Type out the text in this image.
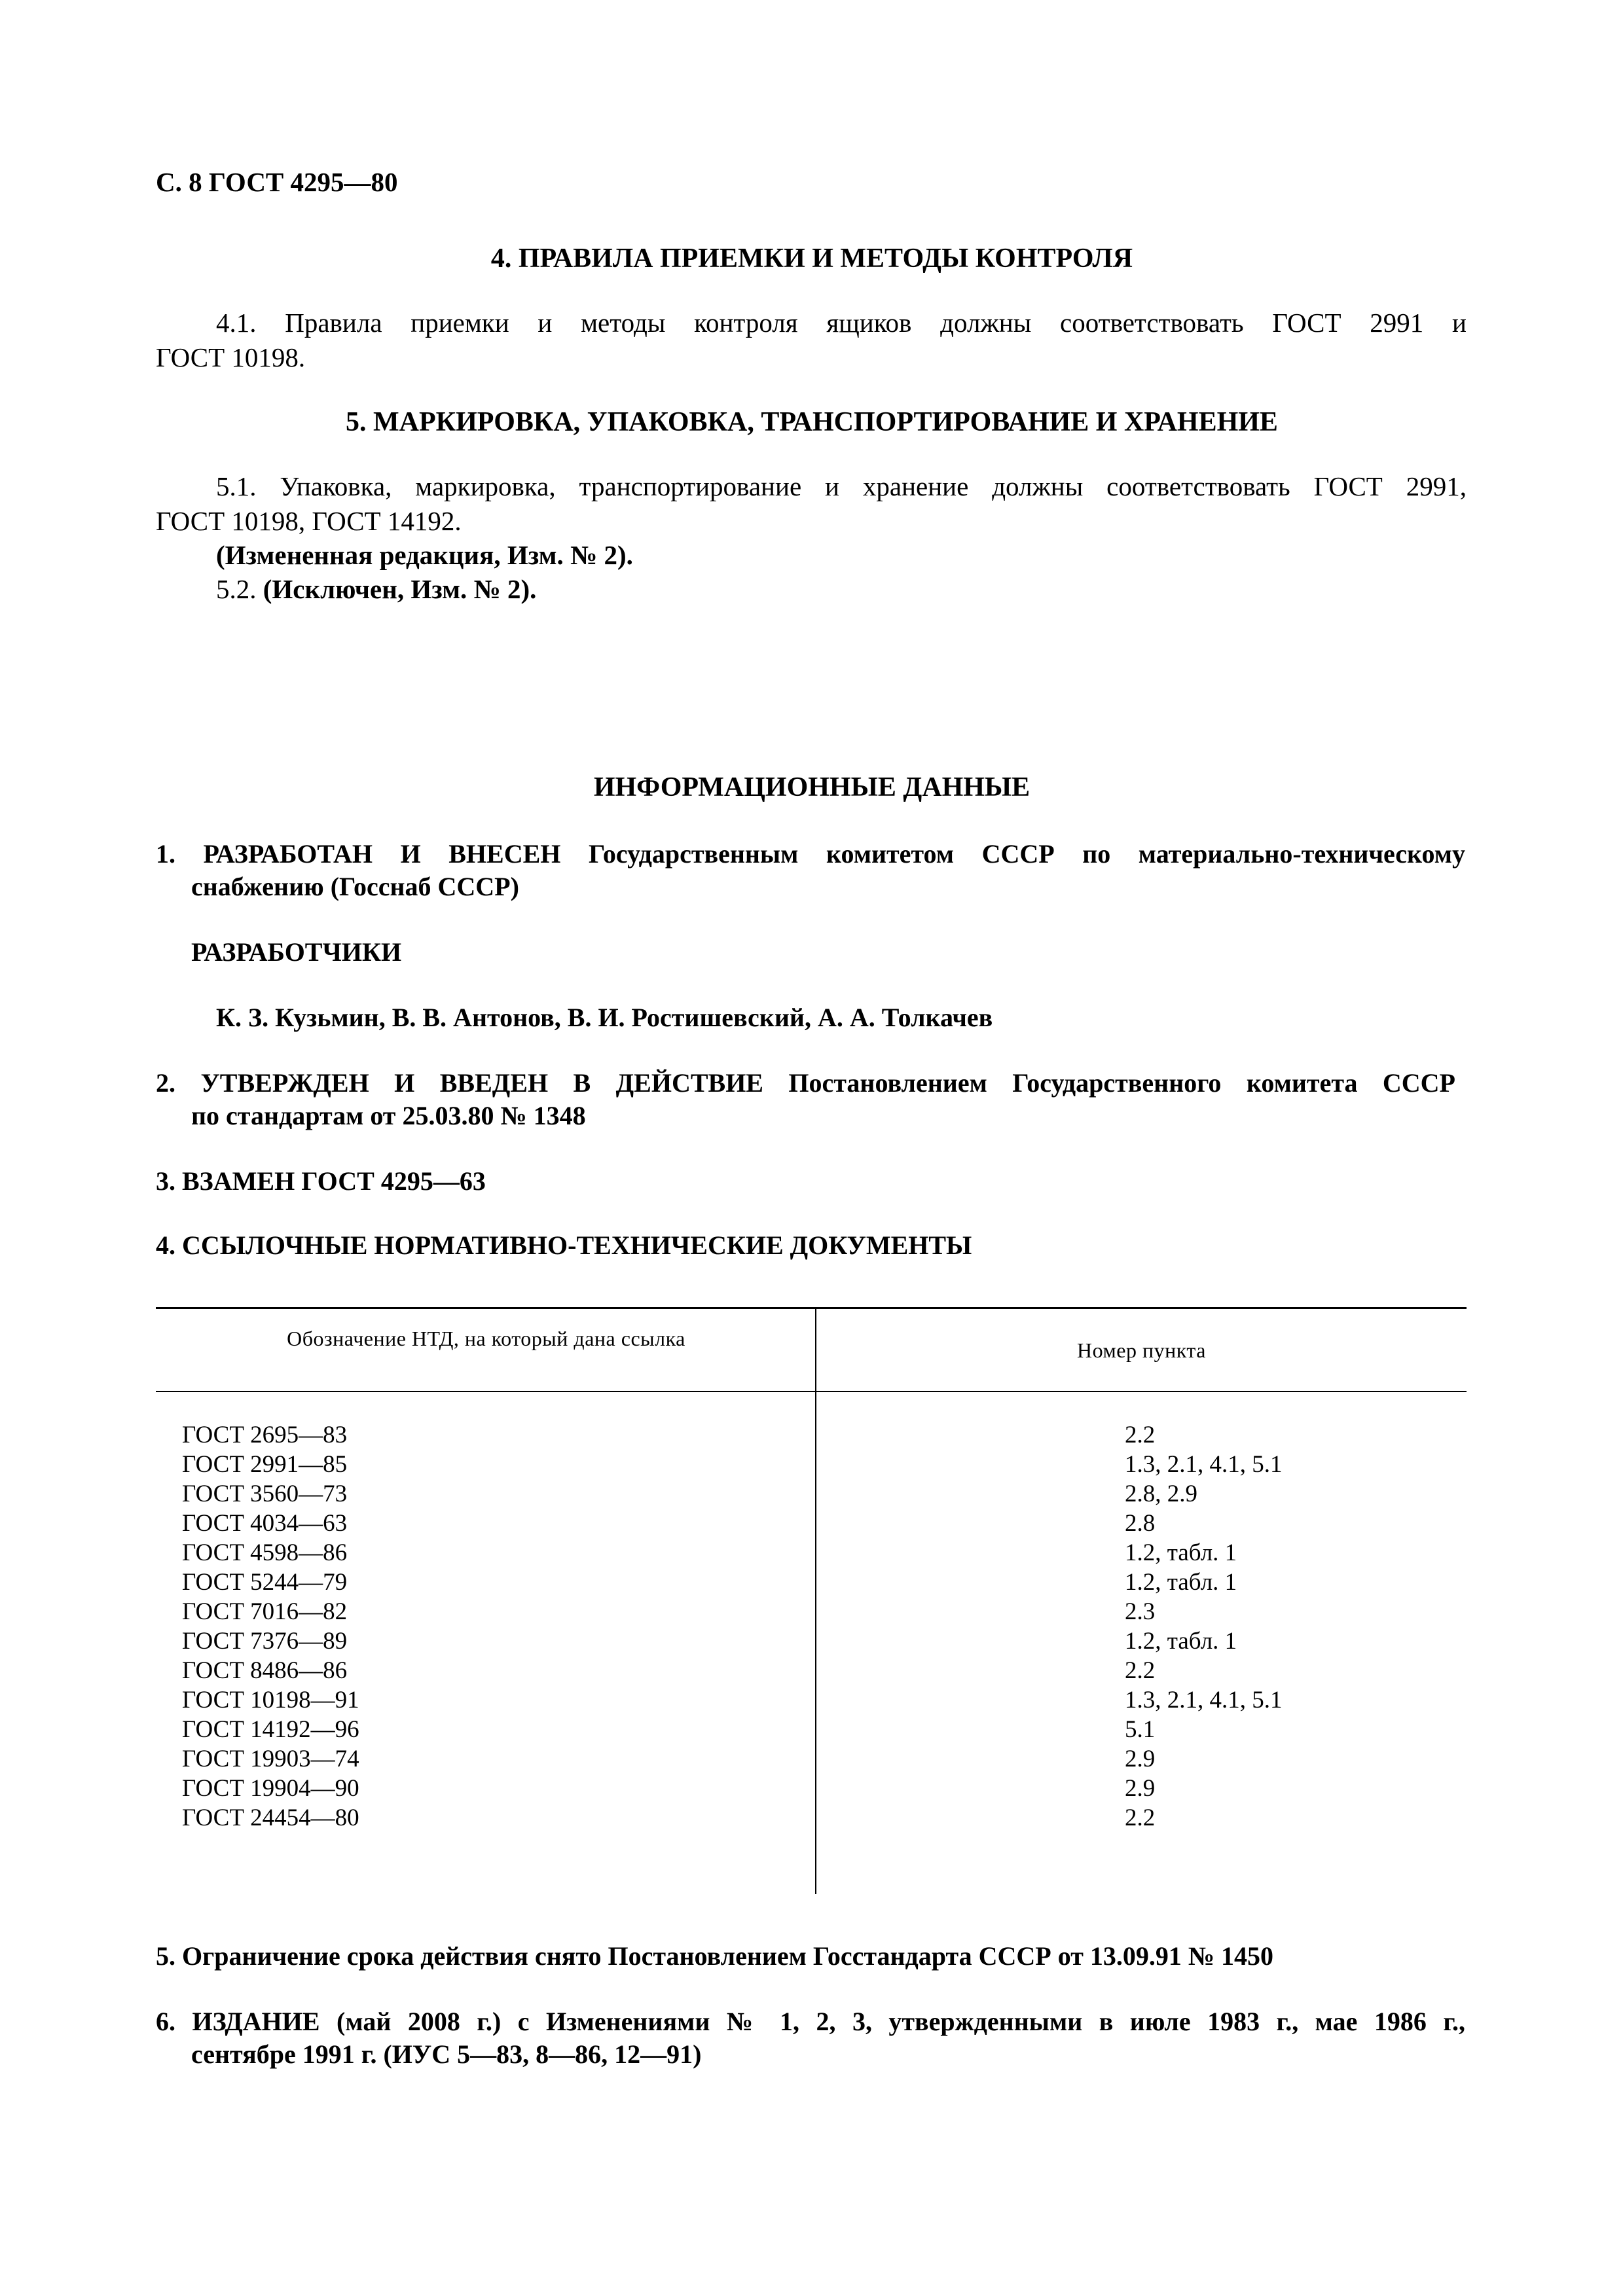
С. 8 ГОСТ 4295—80
4. ПРАВИЛА ПРИЕМКИ И МЕТОДЫ КОНТРОЛЯ
4.1. Правила приемки и методы контроля ящиков должны соответствовать ГОСТ 2991 и
ГОСТ 10198.
5. МАРКИРОВКА, УПАКОВКА, ТРАНСПОРТИРОВАНИЕ И ХРАНЕНИЕ
5.1. Упаковка, маркировка, транспортирование и хранение должны соответствовать ГОСТ 2991,
ГОСТ 10198, ГОСТ 14192.
(Измененная редакция, Изм. № 2).
5.2. (Исключен, Изм. № 2).
ИНФОРМАЦИОННЫЕ ДАННЫЕ
1. РАЗРАБОТАН И ВНЕСЕН Государственным комитетом СССР по материально-техническому
снабжению (Госснаб СССР)
РАЗРАБОТЧИКИ
К. З. Кузьмин, В. В. Антонов, В. И. Ростишевский, А. А. Толкачев
2. УТВЕРЖДЕН И ВВЕДЕН В ДЕЙСТВИЕ Постановлением Государственного комитета СССР
по стандартам от 25.03.80 № 1348
3. ВЗАМЕН ГОСТ 4295—63
4. ССЫЛОЧНЫЕ НОРМАТИВНО-ТЕХНИЧЕСКИЕ ДОКУМЕНТЫ
Обозначение НТД, на который дана ссылка	Номер пункта
ГОСТ 2695—83
ГОСТ 2991—85
ГОСТ 3560—73
ГОСТ 4034—63
ГОСТ 4598—86
ГОСТ 5244—79
ГОСТ 7016—82
ГОСТ 7376—89
ГОСТ 8486—86
ГОСТ 10198—91
ГОСТ 14192—96
ГОСТ 19903—74
ГОСТ 19904—90
ГОСТ 24454—80
2.2
1.3, 2.1, 4.1, 5.1
2.8, 2.9
2.8
1.2, табл. 1
1.2, табл. 1
2.3
1.2, табл. 1
2.2
1.3, 2.1, 4.1, 5.1
5.1
2.9
2.9
2.2
5. Ограничение срока действия снято Постановлением Госстандарта СССР от 13.09.91 № 1450
6. ИЗДАНИЕ (май 2008 г.) с Изменениями № 1, 2, 3, утвержденными в июле 1983 г., мае 1986 г.,
сентябре 1991 г. (ИУС 5—83, 8—86, 12—91)
